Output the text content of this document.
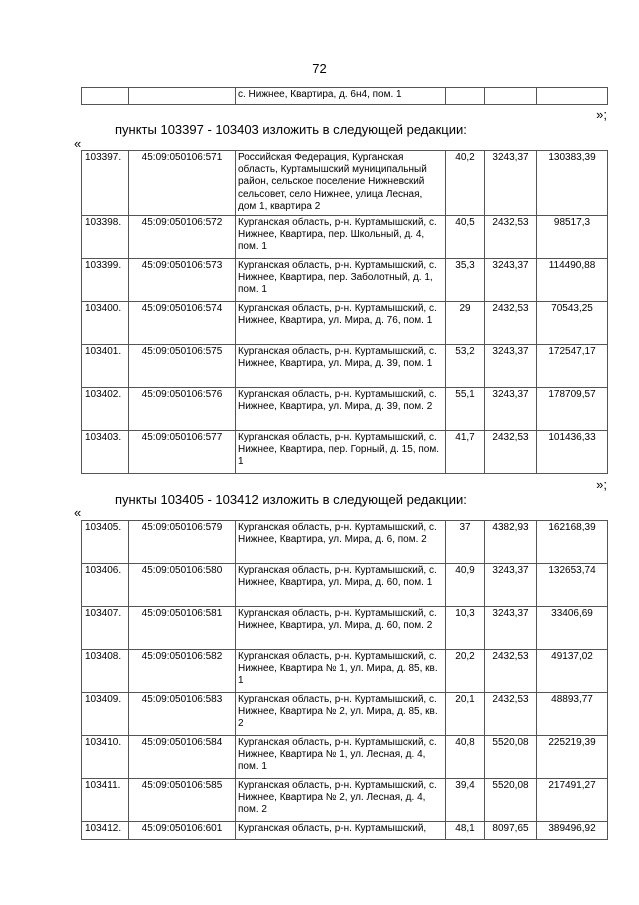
72
		с. Нижнее, Квартира, д. 6н4, пом. 1			
»;
пункты 103397 - 103403 изложить в следующей редакции:
«
103397.	45:09:050106:571	Российская Федерация, Курганская область, Куртамышский муниципальный район, сельское поселение Нижневский сельсовет, село Нижнее, улица Лесная, дом 1, квартира 2	40,2	3243,37	130383,39
103398.	45:09:050106:572	Курганская область, р-н. Куртамышский, с. Нижнее, Квартира, пер. Школьный, д. 4, пом. 1	40,5	2432,53	98517,3
103399.	45:09:050106:573	Курганская область, р-н. Куртамышский, с. Нижнее, Квартира, пер. Заболотный, д. 1, пом. 1	35,3	3243,37	114490,88
103400.	45:09:050106:574	Курганская область, р-н. Куртамышский, с. Нижнее, Квартира, ул. Мира, д. 76, пом. 1	29	2432,53	70543,25
103401.	45:09:050106:575	Курганская область, р-н. Куртамышский, с. Нижнее, Квартира, ул. Мира, д. 39, пом. 1	53,2	3243,37	172547,17
103402.	45:09:050106:576	Курганская область, р-н. Куртамышский, с. Нижнее, Квартира, ул. Мира, д. 39, пом. 2	55,1	3243,37	178709,57
103403.	45:09:050106:577	Курганская область, р-н. Куртамышский, с. Нижнее, Квартира, пер. Горный, д. 15, пом. 1	41,7	2432,53	101436,33
»;
пункты 103405 - 103412 изложить в следующей редакции:
«
103405.	45:09:050106:579	Курганская область, р-н. Куртамышский, с. Нижнее, Квартира, ул. Мира, д. 6, пом. 2	37	4382,93	162168,39
103406.	45:09:050106:580	Курганская область, р-н. Куртамышский, с. Нижнее, Квартира, ул. Мира, д. 60, пом. 1	40,9	3243,37	132653,74
103407.	45:09:050106:581	Курганская область, р-н. Куртамышский, с. Нижнее, Квартира, ул. Мира, д. 60, пом. 2	10,3	3243,37	33406,69
103408.	45:09:050106:582	Курганская область, р-н. Куртамышский, с. Нижнее, Квартира № 1, ул. Мира, д. 85, кв. 1	20,2	2432,53	49137,02
103409.	45:09:050106:583	Курганская область, р-н. Куртамышский, с. Нижнее, Квартира № 2, ул. Мира, д. 85, кв. 2	20,1	2432,53	48893,77
103410.	45:09:050106:584	Курганская область, р-н. Куртамышский, с. Нижнее, Квартира № 1, ул. Лесная, д. 4, пом. 1	40,8	5520,08	225219,39
103411.	45:09:050106:585	Курганская область, р-н. Куртамышский, с. Нижнее, Квартира № 2, ул. Лесная, д. 4, пом. 2	39,4	5520,08	217491,27
103412.	45:09:050106:601	Курганская область, р-н. Куртамышский,	48,1	8097,65	389496,92
